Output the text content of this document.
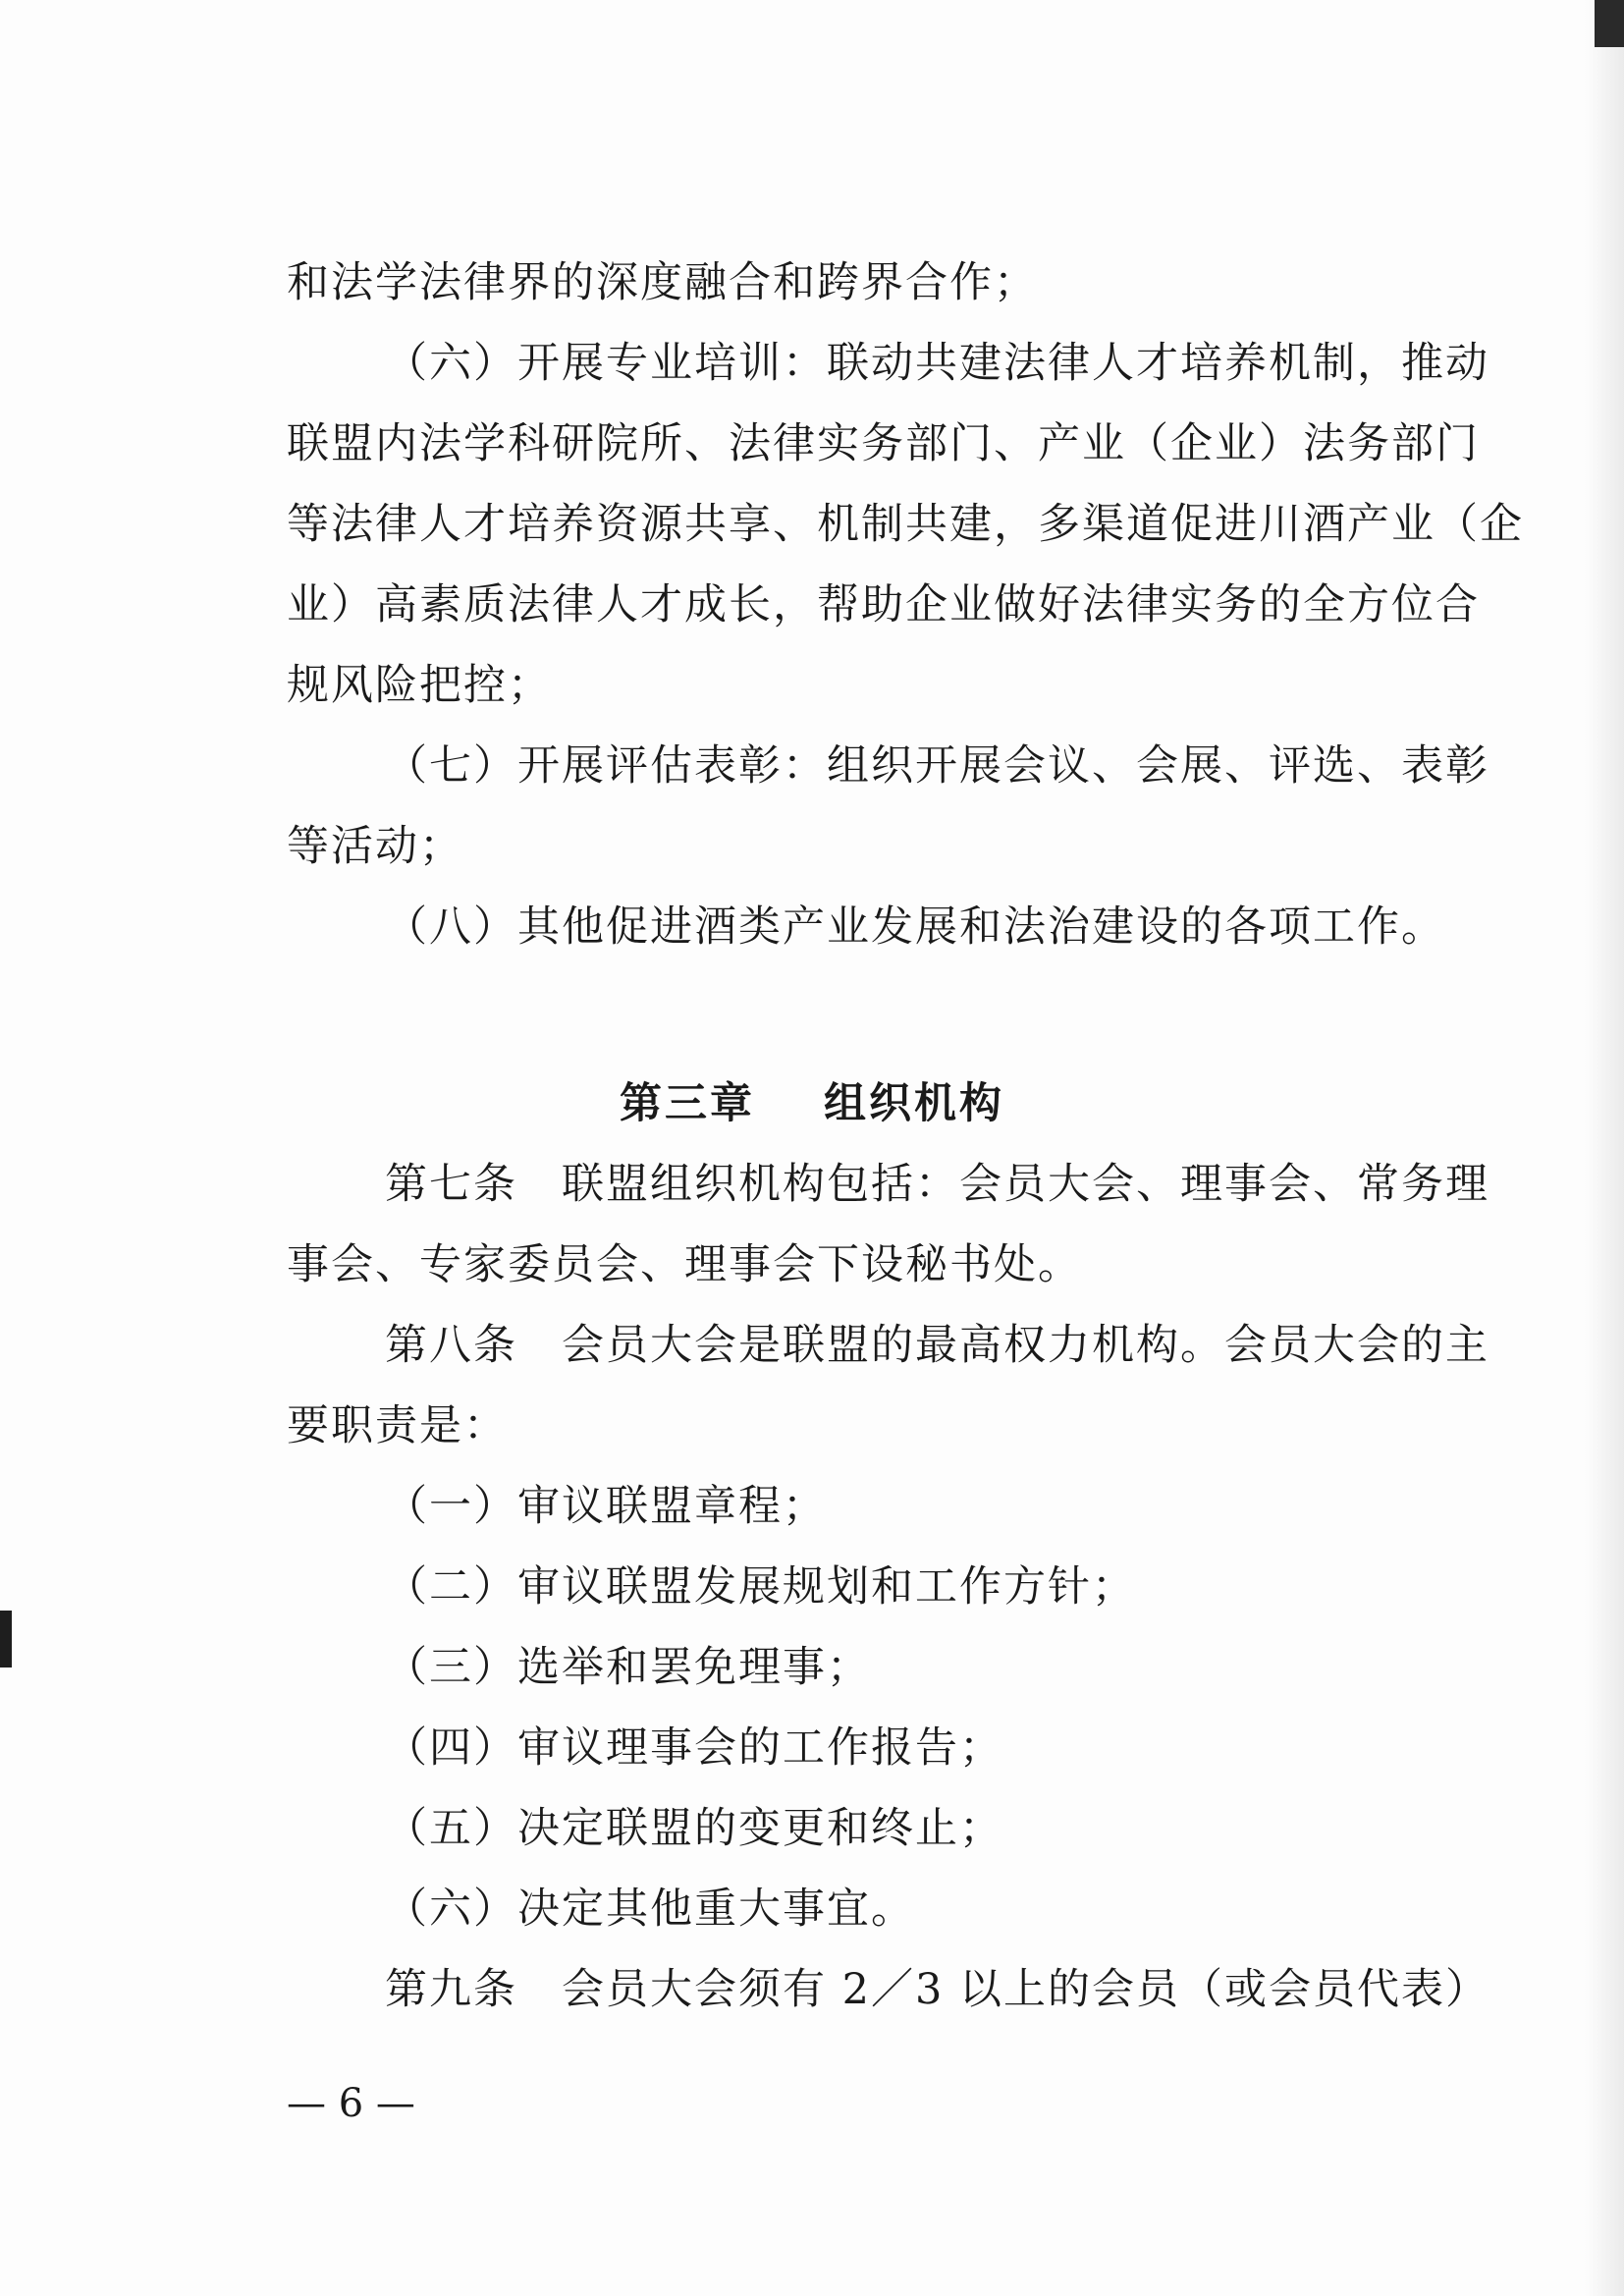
和法学法律界的深度融合和跨界合作；
（六）开展专业培训：联动共建法律人才培养机制，推动
联盟内法学科研院所、法律实务部门、产业（企业）法务部门
等法律人才培养资源共享、机制共建，多渠道促进川酒产业（企
业）高素质法律人才成长，帮助企业做好法律实务的全方位合
规风险把控；
（七）开展评估表彰：组织开展会议、会展、评选、表彰
等活动；
（八）其他促进酒类产业发展和法治建设的各项工作。
第三章 组织机构
第七条　联盟组织机构包括：会员大会、理事会、常务理
事会、专家委员会、理事会下设秘书处。
第八条　会员大会是联盟的最高权力机构。会员大会的主
要职责是：
（一）审议联盟章程；
（二）审议联盟发展规划和工作方针；
（三）选举和罢免理事；
（四）审议理事会的工作报告；
（五）决定联盟的变更和终止；
（六）决定其他重大事宜。
第九条　会员大会须有 2／3 以上的会员（或会员代表）
— 6 —
